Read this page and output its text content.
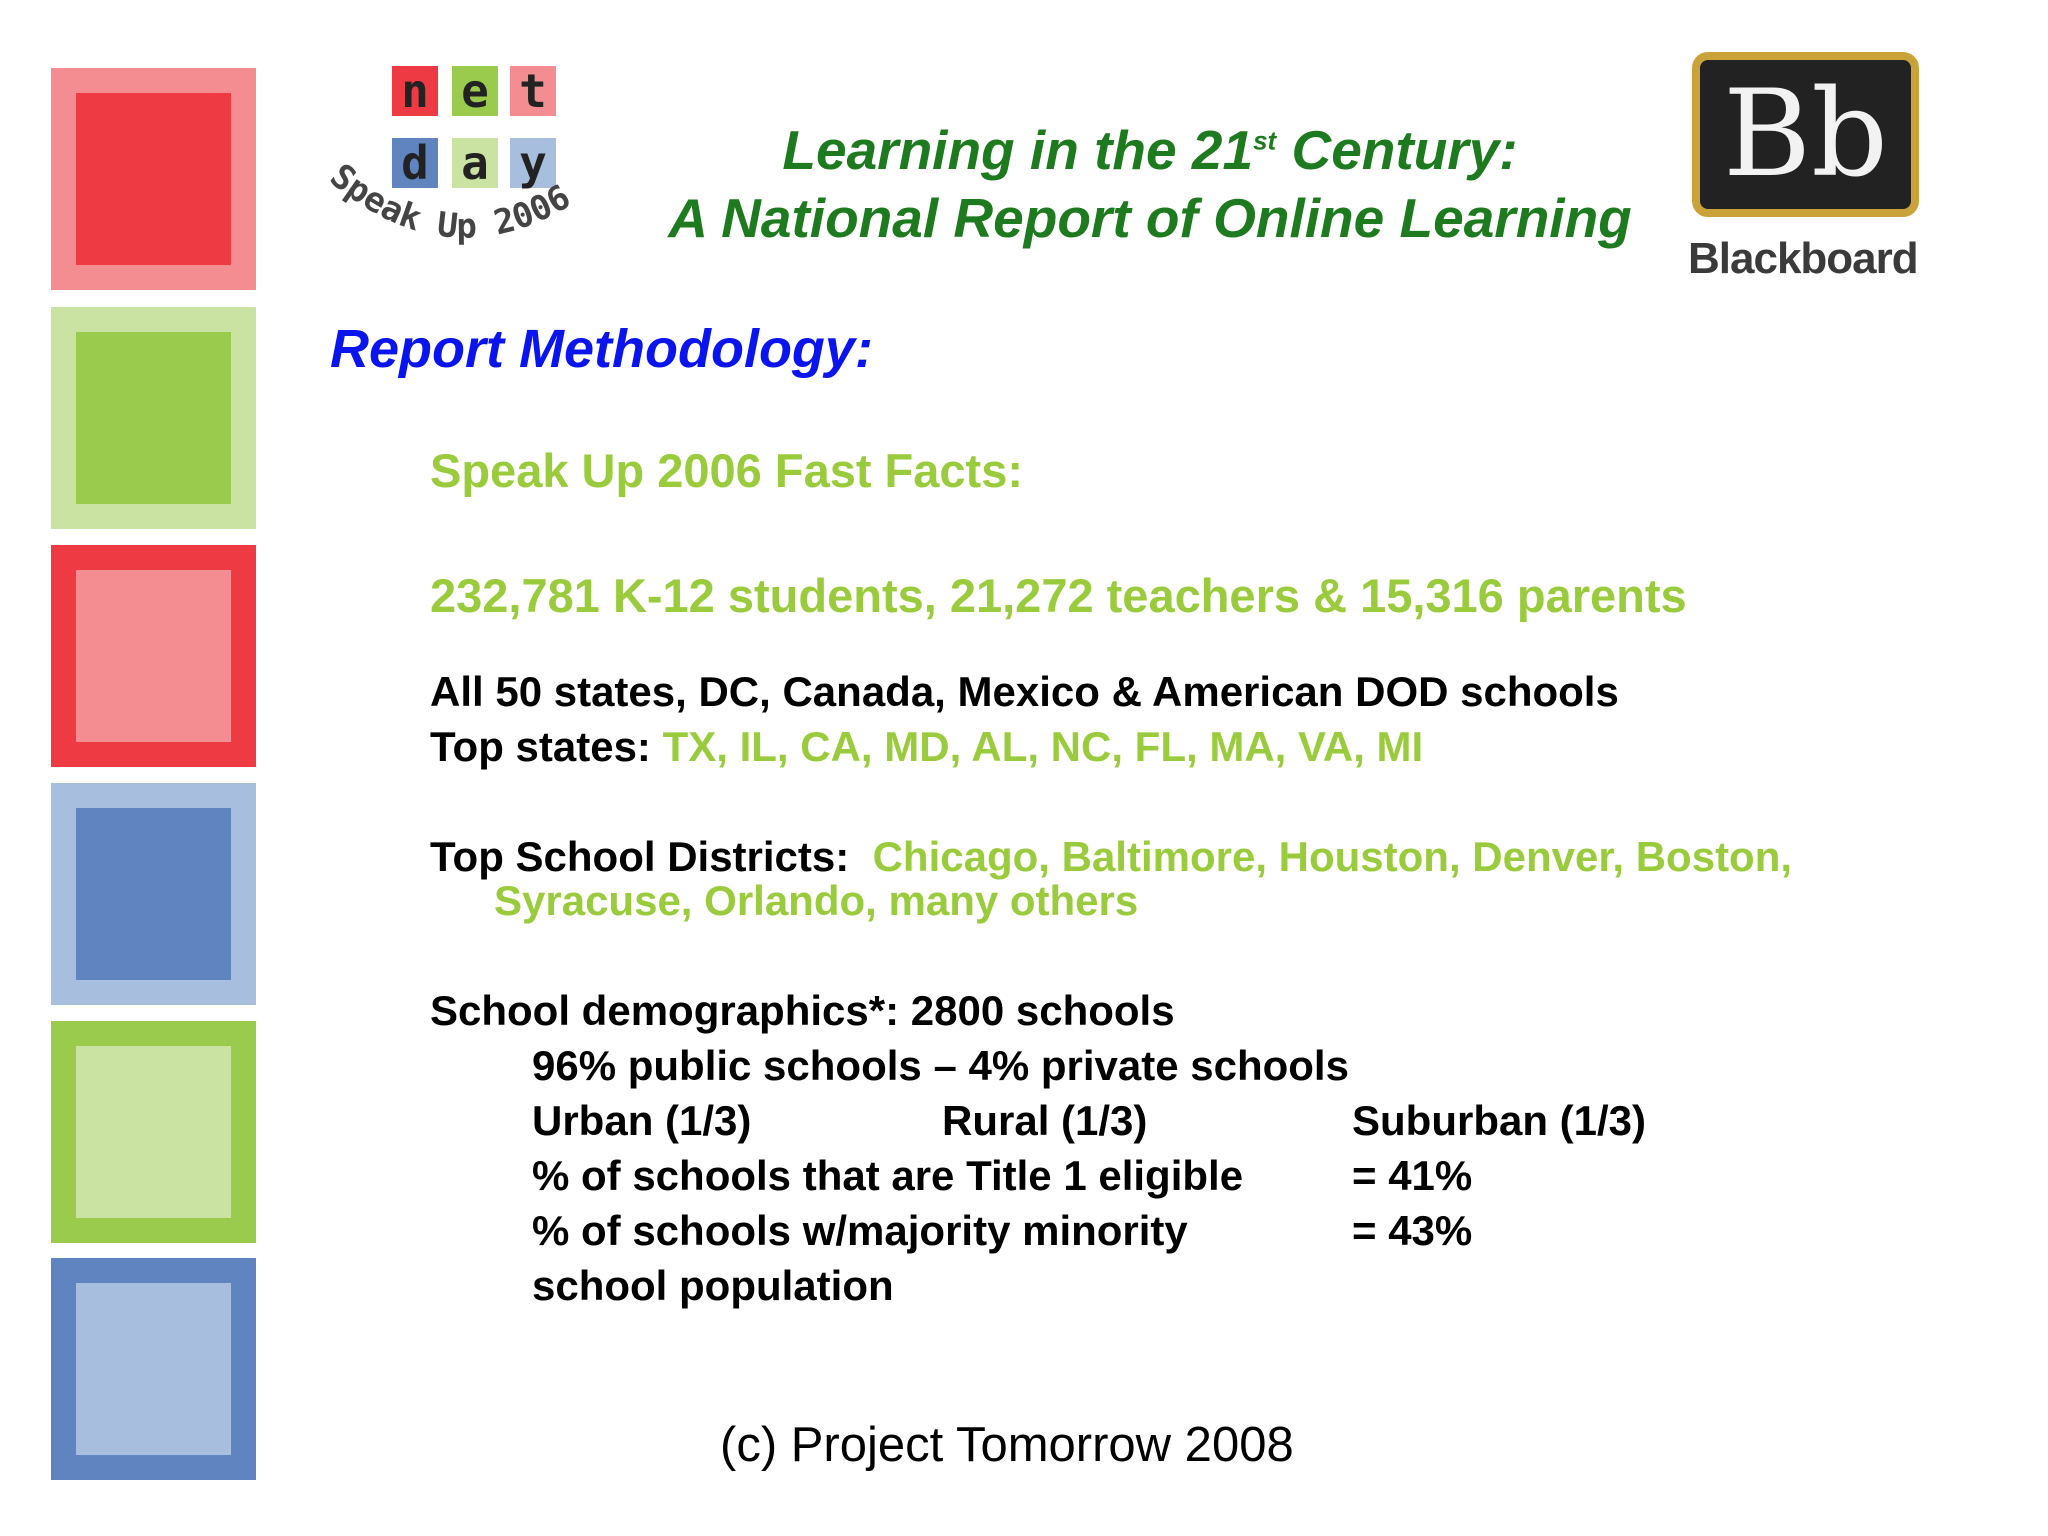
n e t
d a y
Speak Up 2006
Learning in the 21st Century:
A National Report of Online Learning
Bb
Blackboard
Report Methodology:
Speak Up 2006 Fast Facts:
232,781 K-12 students, 21,272 teachers & 15,316 parents
All 50 states, DC, Canada, Mexico & American DOD schools
Top states: TX, IL, CA, MD, AL, NC, FL, MA, VA, MI
Top School Districts:  Chicago, Baltimore, Houston, Denver, Boston,
Syracuse, Orlando, many others
School demographics*: 2800 schools
96% public schools – 4% private schools
Urban (1/3)	Rural (1/3)	Suburban (1/3)
% of schools that are Title 1 eligible	= 41%
% of schools w/majority minority	= 43%
school population
(c) Project Tomorrow 2008
